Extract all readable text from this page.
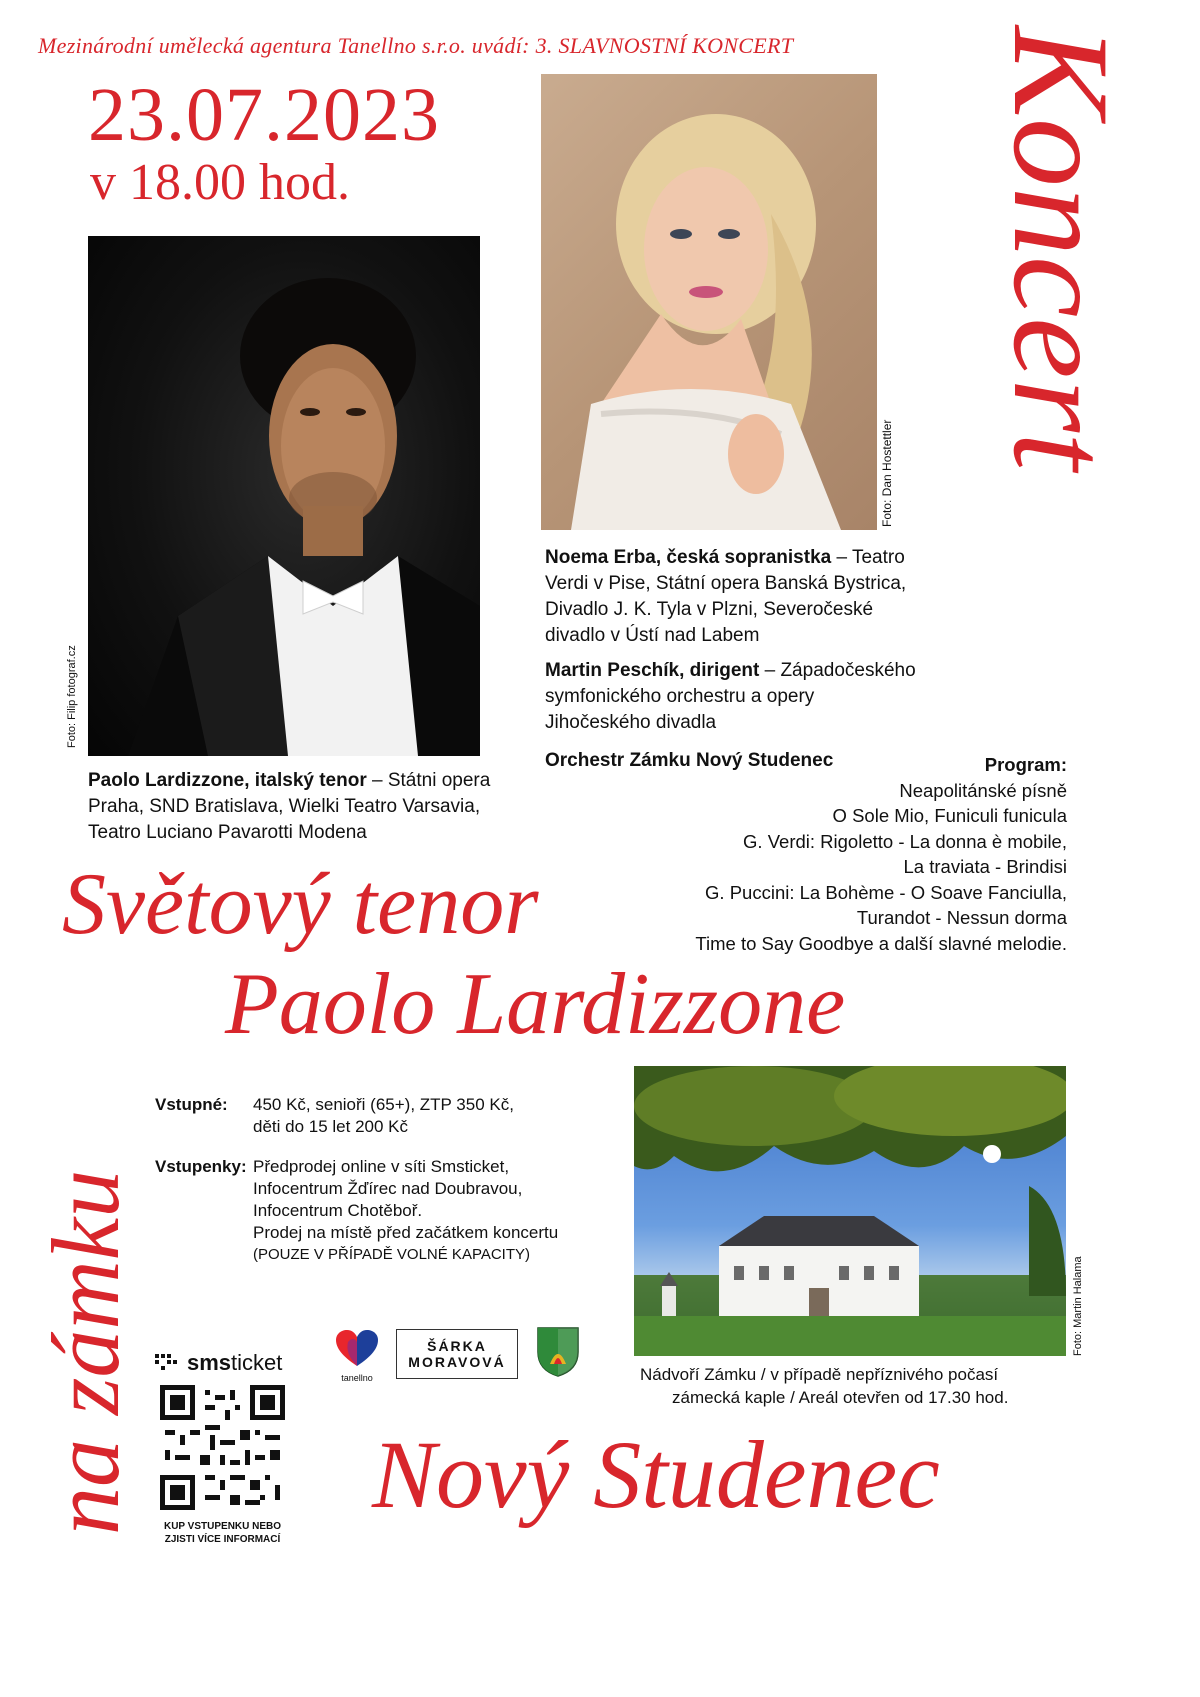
Mezinárodní umělecká agentura Tanellno s.r.o. uvádí: 3. SLAVNOSTNÍ KONCERT
23.07.2023
v 18.00 hod.	Koncert
na zámku
Foto: Filip fotograf.cz
Foto: Dan Hostettler
Noema Erba, česká sopranistka – Teatro
Verdi v Pise, Státní opera Banská Bystrica,
Divadlo J. K. Tyla v Plzni, Severočeské
divadlo v Ústí nad Labem
Martin Peschík, dirigent – Západočeského
symfonického orchestru a opery
Jihočeského divadla
Orchestr Zámku Nový Studenec
Paolo Lardizzone, italský tenor – Státni opera
Praha, SND Bratislava, Wielki Teatro Varsavia,
Teatro Luciano Pavarotti Modena
Program:
Neapolitánské písně
O Sole Mio, Funiculi funicula
G. Verdi: Rigoletto - La donna è mobile,
La traviata - Brindisi
G. Puccini: La Bohème - O Soave Fanciulla,
Turandot - Nessun dorma
Time to Say Goodbye a další slavné melodie.
Světový tenor
Paolo Lardizzone
Vstupné:	450 Kč, senioři (65+), ZTP 350 Kč,
děti do 15 let 200 Kč
Vstupenky: Předprodej online v síti Smsticket,
Infocentrum Žďírec nad Doubravou,
Infocentrum Chotěboř.
Prodej na místě před začátkem koncertu
(POUZE V PŘÍPADĚ VOLNÉ KAPACITY)
Foto: Martin Halama
Nádvoří Zámku / v případě nepříznivého počasí
zámecká kaple / Areál otevřen od 17.30 hod.
smsticket
KUP VSTUPENKU NEBO
ZJISTI VÍCE INFORMACÍ
tanellno
ŠÁRKA
MORAVOVÁ
Nový Studenec
